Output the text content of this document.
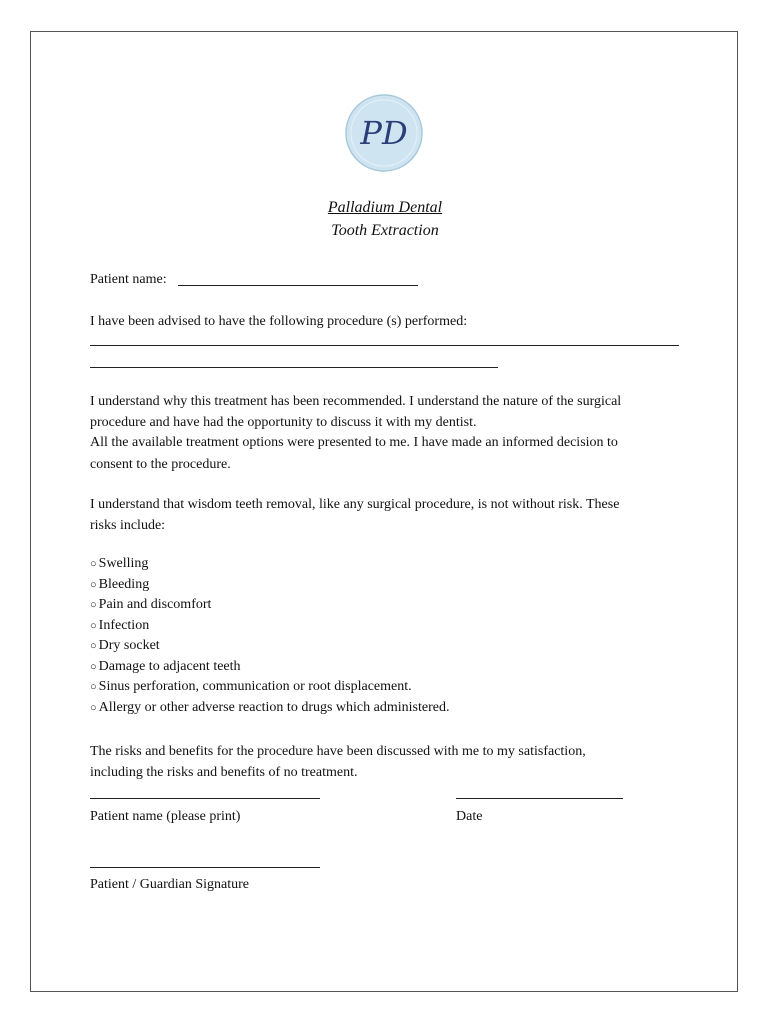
PD
Palladium Dental
Tooth Extraction
Patient name:
I have been advised to have the following procedure (s) performed:
I understand why this treatment has been recommended. I understand the nature of the surgical
procedure and have had the opportunity to discuss it with my dentist.
All the available treatment options were presented to me. I have made an informed decision to
consent to the procedure.
I understand that wisdom teeth removal, like any surgical procedure, is not without risk. These
risks include:
○ Swelling
○ Bleeding
○ Pain and discomfort
○ Infection
○ Dry socket
○ Damage to adjacent teeth
○ Sinus perforation, communication or root displacement.
○ Allergy or other adverse reaction to drugs which administered.
The risks and benefits for the procedure have been discussed with me to my satisfaction,
including the risks and benefits of no treatment.
Patient name (please print)	Date
Patient / Guardian Signature
